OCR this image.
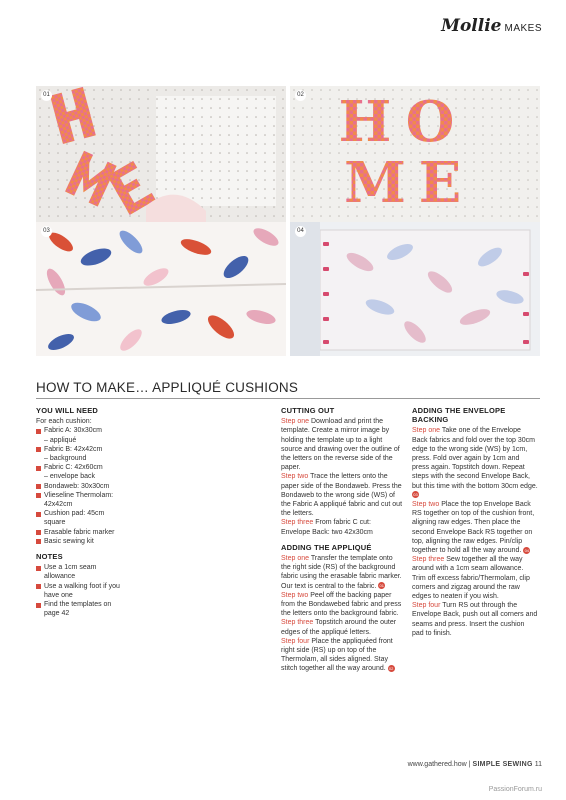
Mollie MAKES
01	H O
M E
02
03	04
HOW TO MAKE… APPLIQUÉ CUSHIONS
YOU WILL NEED
For each cushion:
Fabric A: 30x30cm
– appliqué
Fabric B: 42x42cm
– background
Fabric C: 42x60cm
– envelope back
Bondaweb: 30x30cm
Vlieseline Thermolam:
42x42cm
Cushion pad: 45cm
square
Erasable fabric marker
Basic sewing kit
NOTES
Use a 1cm seam
allowance
Use a walking foot if you
have one
Find the templates on
page 42
CUTTING OUT
Step one Download and print the template. Create a mirror image by holding the template up to a light source and drawing over the outline of the letters on the reverse side of the paper.
Step two Trace the letters onto the paper side of the Bondaweb. Press the Bondaweb to the wrong side (WS) of the Fabric A appliqué fabric and cut out the letters.
Step three From fabric C cut:
Envelope Back: two 42x30cm
ADDING THE APPLIQUÉ
Step one Transfer the template onto the right side (RS) of the background fabric using the erasable fabric marker. Our text is central to the fabric. 01
Step two Peel off the backing paper from the Bondawebed fabric and press the letters onto the background fabric.
Step three Topstitch around the outer edges of the appliqué letters.
Step four Place the appliquéed front right side (RS) up on top of the Thermolam, all sides aligned. Stay stitch together all the way around. 02
ADDING THE ENVELOPE
BACKING
Step one Take one of the Envelope Back fabrics and fold over the top 30cm edge to the wrong side (WS) by 1cm, press. Fold over again by 1cm and press again. Topstitch down. Repeat steps with the second Envelope Back, but this time with the bottom 30cm edge. 03
Step two Place the top Envelope Back RS together on top of the cushion front, aligning raw edges. Then place the second Envelope Back RS together on top, aligning the raw edges. Pin/clip together to hold all the way around. 04
Step three Sew together all the way around with a 1cm seam allowance. Trim off excess fabric/Thermolam, clip corners and zigzag around the raw edges to neaten if you wish.
Step four Turn RS out through the Envelope Back, push out all corners and seams and press. Insert the cushion pad to finish.
www.gathered.how | SIMPLE SEWING 11
PassionForum.ru
